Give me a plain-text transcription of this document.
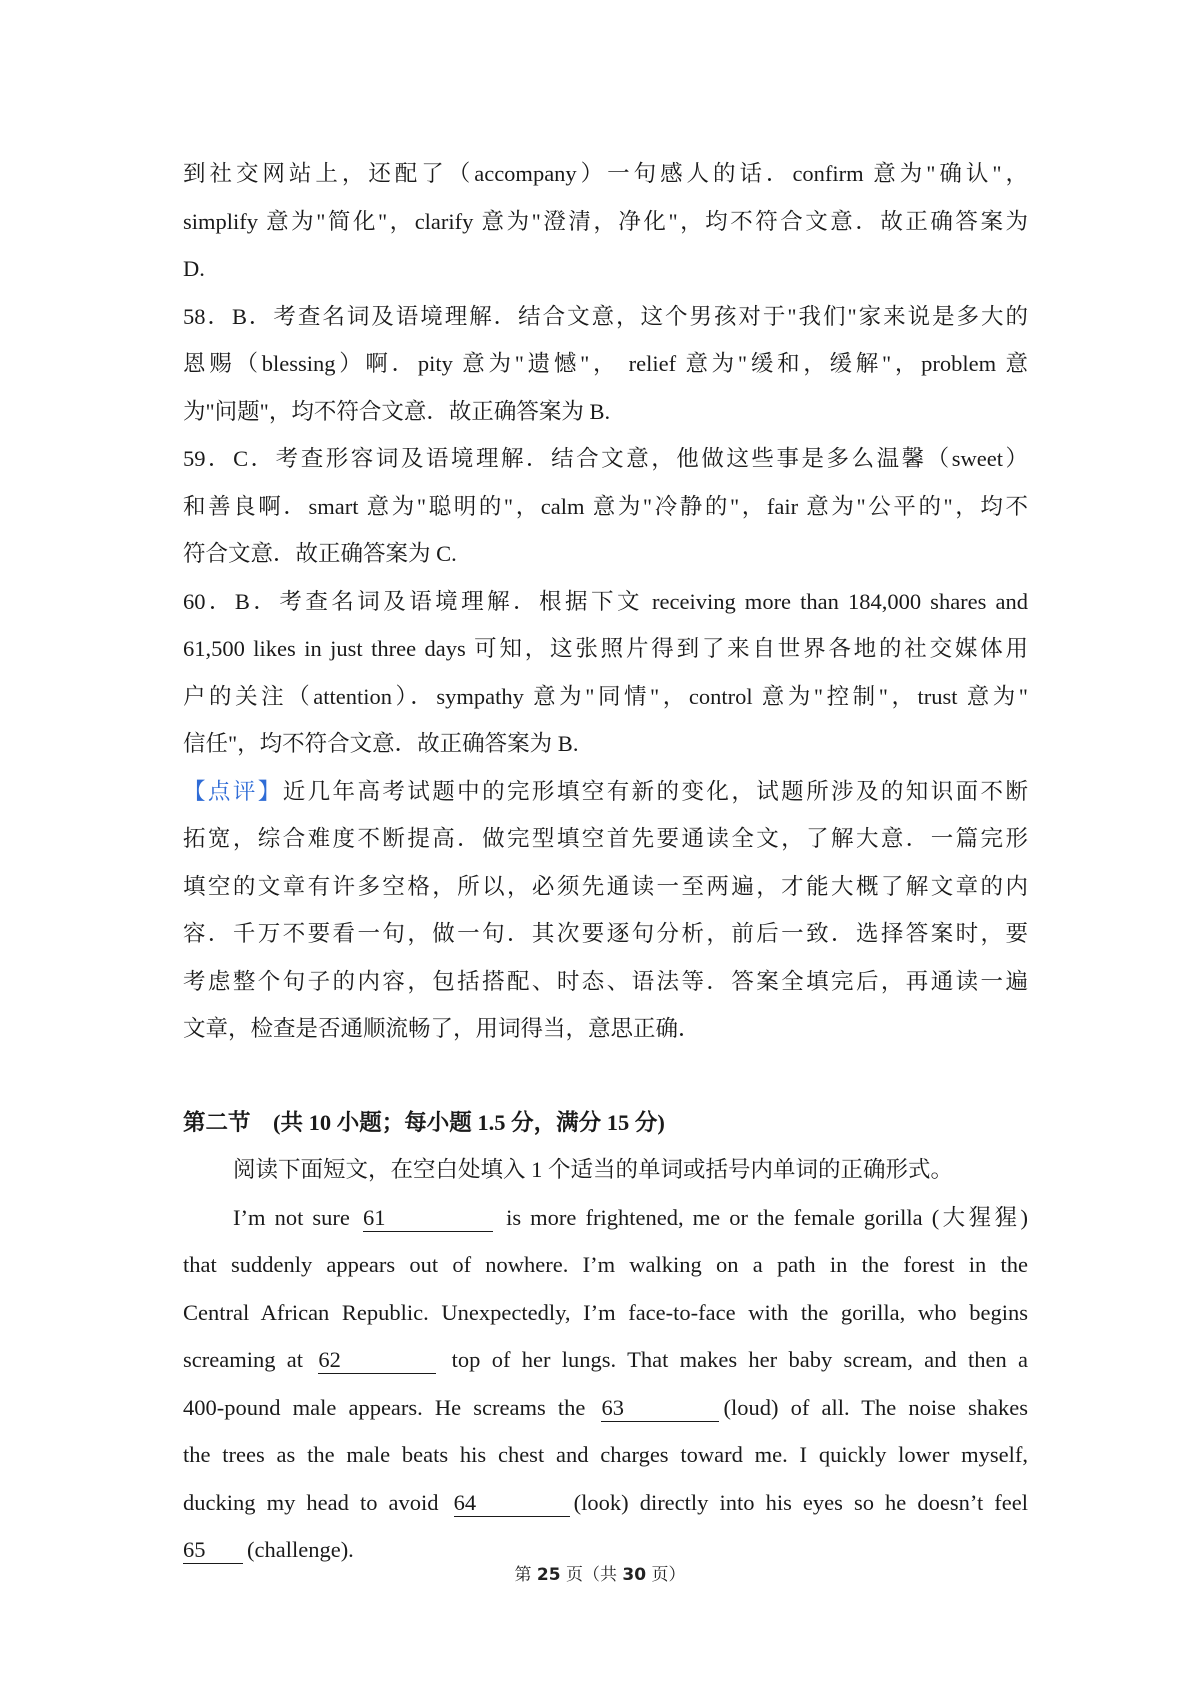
到社交网站上，还配了（accompany）一句感人的话．confirm 意为"确认"，
simplify 意为"简化"，clarify 意为"澄清，净化"，均不符合文意．故正确答案为
D.
58．B．考查名词及语境理解．结合文意，这个男孩对于"我们"家来说是多大的
恩赐（blessing）啊．pity 意为"遗憾"， relief 意为"缓和，缓解"，problem 意
为"问题"，均不符合文意．故正确答案为 B.
59．C．考查形容词及语境理解．结合文意，他做这些事是多么温馨（sweet）
和善良啊．smart 意为"聪明的"，calm 意为"冷静的"，fair 意为"公平的"，均不
符合文意．故正确答案为 C.
60．B．考查名词及语境理解．根据下文 receiving more than 184,000 shares and
61,500 likes in just three days 可知，这张照片得到了来自世界各地的社交媒体用
户的关注（attention）．sympathy 意为"同情"，control 意为"控制"，trust 意为"
信任"，均不符合文意．故正确答案为 B.
【点评】近几年高考试题中的完形填空有新的变化，试题所涉及的知识面不断
拓宽，综合难度不断提高．做完型填空首先要通读全文，了解大意．一篇完形
填空的文章有许多空格，所以，必须先通读一至两遍，才能大概了解文章的内
容．千万不要看一句，做一句．其次要逐句分析，前后一致．选择答案时，要
考虑整个句子的内容，包括搭配、时态、语法等．答案全填完后，再通读一遍
文章，检查是否通顺流畅了，用词得当，意思正确．
第二节　(共 10 小题；每小题 1.5 分，满分 15 分)
阅读下面短文，在空白处填入 1 个适当的单词或括号内单词的正确形式。
I’m not sure 61	is more frightened, me or the female gorilla (大猩猩)
that suddenly appears out of nowhere. I’m walking on a path in the forest in the
Central African Republic. Unexpectedly, I’m face-to-face with the gorilla, who begins
screaming at 62	top of her lungs. That makes her baby scream, and then a
400-pound male appears. He screams the 63	(loud) of all. The noise shakes
the trees as the male beats his chest and charges toward me. I quickly lower myself,
ducking my head to avoid 64	(look) directly into his eyes so he doesn’t feel
65 (challenge).
第 25 页（共 30 页）
